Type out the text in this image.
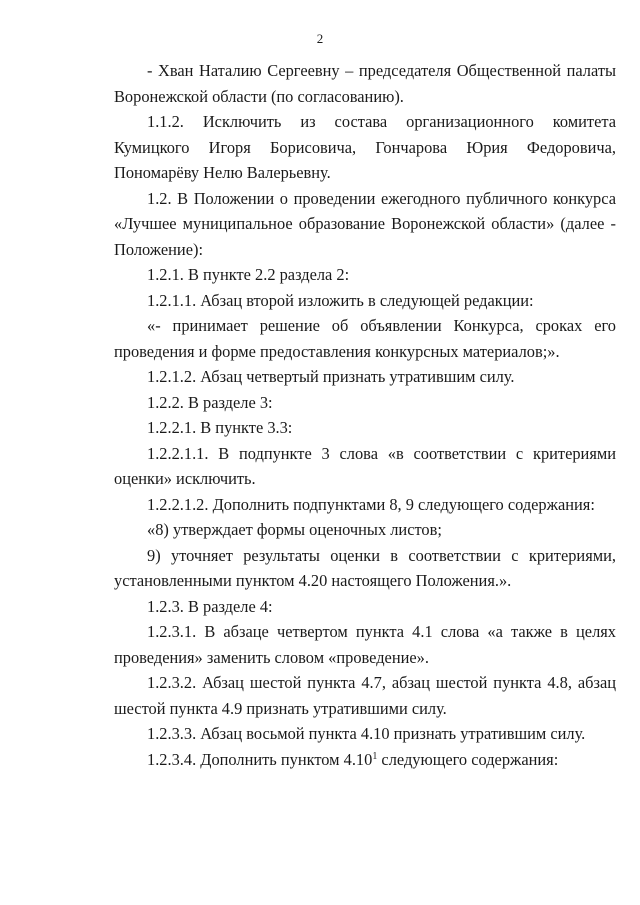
2

- Хван Наталию Сергеевну – председателя Общественной палаты Воронежской области (по согласованию).

1.1.2. Исключить из состава организационного комитета Кумицкого Игоря Борисовича, Гончарова Юрия Федоровича, Пономарёву Нелю Валерьевну.

1.2. В Положении о проведении ежегодного публичного конкурса «Лучшее муниципальное образование Воронежской области» (далее - Положение):

1.2.1. В пункте 2.2 раздела 2:

1.2.1.1. Абзац второй изложить в следующей редакции:

«- принимает решение об объявлении Конкурса, сроках его проведения и форме предоставления конкурсных материалов;».

1.2.1.2. Абзац четвертый признать утратившим силу.

1.2.2. В разделе 3:

1.2.2.1. В пункте 3.3:

1.2.2.1.1. В подпункте 3 слова «в соответствии с критериями оценки» исключить.

1.2.2.1.2. Дополнить подпунктами 8, 9 следующего содержания:

«8) утверждает формы оценочных листов;

9) уточняет результаты оценки в соответствии с критериями, установленными пунктом 4.20 настоящего Положения.».

1.2.3. В разделе 4:

1.2.3.1. В абзаце четвертом пункта 4.1 слова «а также в целях проведения» заменить словом «проведение».

1.2.3.2. Абзац шестой пункта 4.7, абзац шестой пункта 4.8, абзац шестой пункта 4.9 признать утратившими силу.

1.2.3.3. Абзац восьмой пункта 4.10 признать утратившим силу.

1.2.3.4. Дополнить пунктом 4.10$^1$ следующего содержания:
